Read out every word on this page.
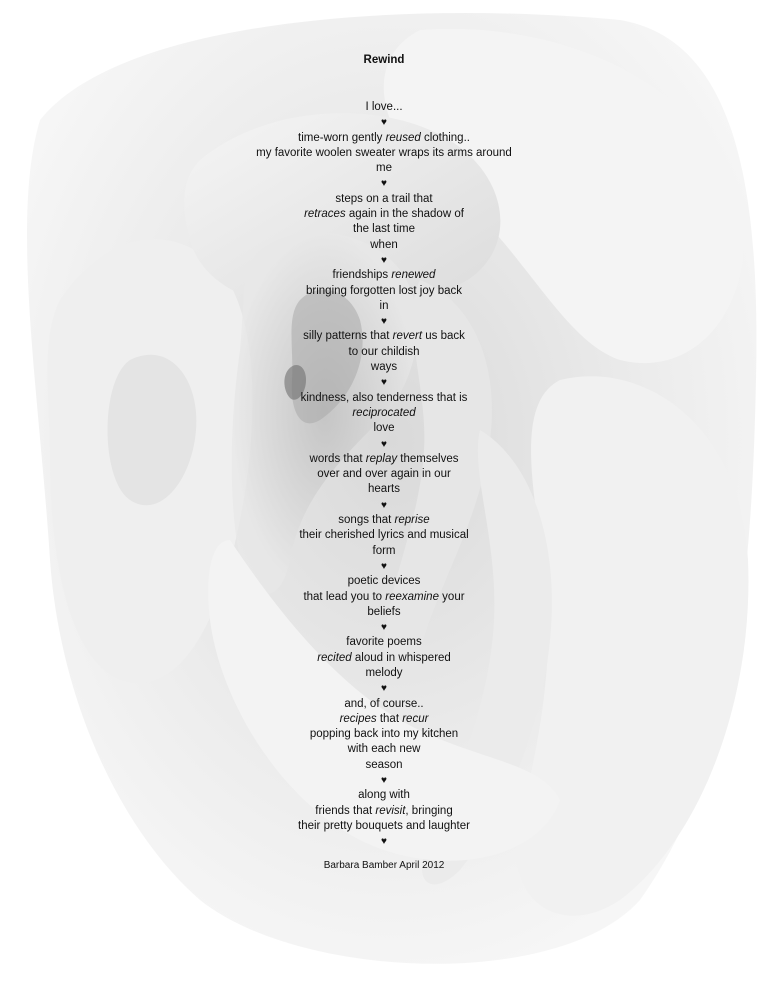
Rewind
I love...
♥
time-worn gently reused clothing..
my favorite woolen sweater wraps its arms around
me
♥
steps on a trail that
retraces again in the shadow of
the last time
when
♥
friendships renewed
bringing forgotten lost joy back
in
♥
silly patterns that revert us back
to our childish
ways
♥
kindness, also tenderness that is
reciprocated
love
♥
words that replay themselves
over and over again in our
hearts
♥
songs that reprise
their cherished lyrics and musical
form
♥
poetic devices
that lead you to reexamine your
beliefs
♥
favorite poems
recited aloud in whispered
melody
♥
and, of course..
recipes that recur
popping back into my kitchen
with each new
season
♥
along with
friends that revisit, bringing
their pretty bouquets and laughter
♥
Barbara Bamber April 2012
